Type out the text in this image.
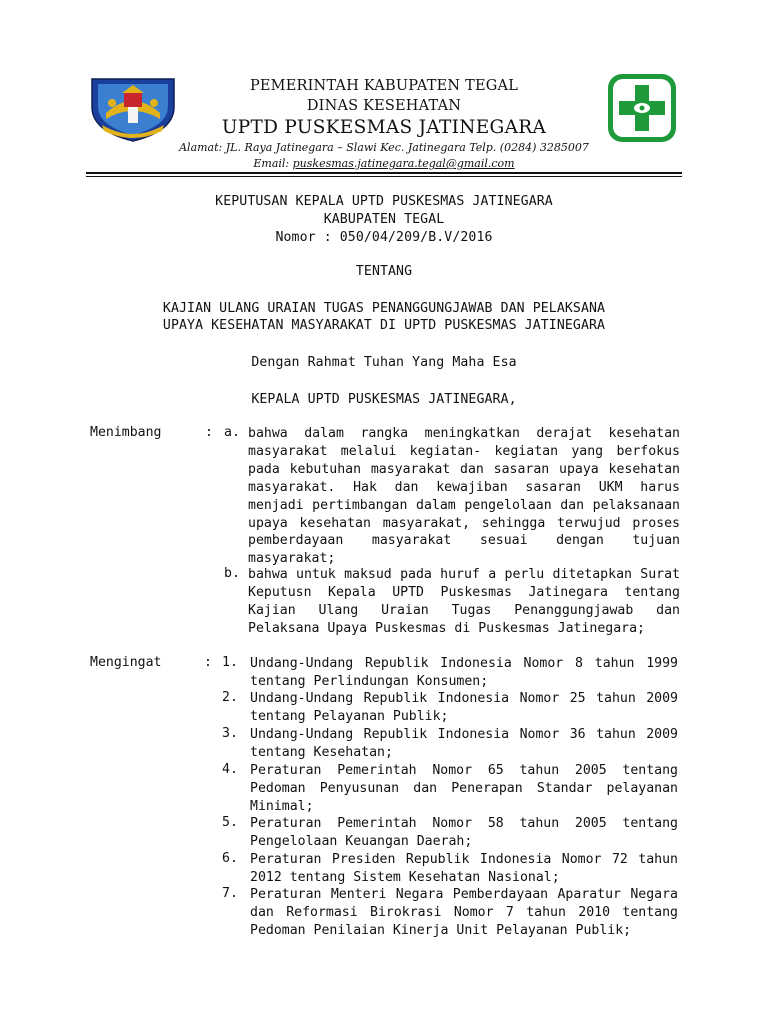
PEMERINTAH KABUPATEN TEGAL
DINAS KESEHATAN
UPTD PUSKESMAS JATINEGARA
Alamat: JL. Raya Jatinegara – Slawi Kec. Jatinegara Telp. (0284) 3285007
Email: puskesmas.jatinegara.tegal@gmail.com
KEPUTUSAN KEPALA UPTD PUSKESMAS JATINEGARA
KABUPATEN TEGAL
Nomor : 050/04/209/B.V/2016
TENTANG
KAJIAN ULANG URAIAN TUGAS PENANGGUNGJAWAB DAN PELAKSANA
UPAYA KESEHATAN MASYARAKAT DI UPTD PUSKESMAS JATINEGARA
Dengan Rahmat Tuhan Yang Maha Esa
KEPALA UPTD PUSKESMAS JATINEGARA,
Menimbang	: a. bahwa dalam rangka meningkatkan derajat kesehatan masyarakat melalui kegiatan- kegiatan yang berfokus pada kebutuhan masyarakat dan sasaran upaya kesehatan masyarakat. Hak dan kewajiban sasaran UKM harus menjadi pertimbangan dalam pengelolaan dan pelaksanaan upaya kesehatan masyarakat, sehingga terwujud proses pemberdayaan masyarakat sesuai dengan tujuan masyarakat;
b. bahwa untuk maksud pada huruf a perlu ditetapkan Surat Keputusn Kepala UPTD Puskesmas Jatinegara tentang Kajian Ulang Uraian Tugas Penanggungjawab dan Pelaksana Upaya Puskesmas di Puskesmas Jatinegara;
Mengingat	: 1. Undang-Undang Republik Indonesia Nomor 8 tahun 1999 tentang Perlindungan Konsumen;
2. Undang-Undang Republik Indonesia Nomor 25 tahun 2009 tentang Pelayanan Publik;
3. Undang-Undang Republik Indonesia Nomor 36 tahun 2009 tentang Kesehatan;
4. Peraturan Pemerintah Nomor 65 tahun 2005 tentang Pedoman Penyusunan dan Penerapan Standar pelayanan Minimal;
5. Peraturan Pemerintah Nomor 58 tahun 2005 tentang Pengelolaan Keuangan Daerah;
6. Peraturan Presiden Republik Indonesia Nomor 72 tahun 2012 tentang Sistem Kesehatan Nasional;
7. Peraturan Menteri Negara Pemberdayaan Aparatur Negara dan Reformasi Birokrasi Nomor 7 tahun 2010 tentang Pedoman Penilaian Kinerja Unit Pelayanan Publik;
